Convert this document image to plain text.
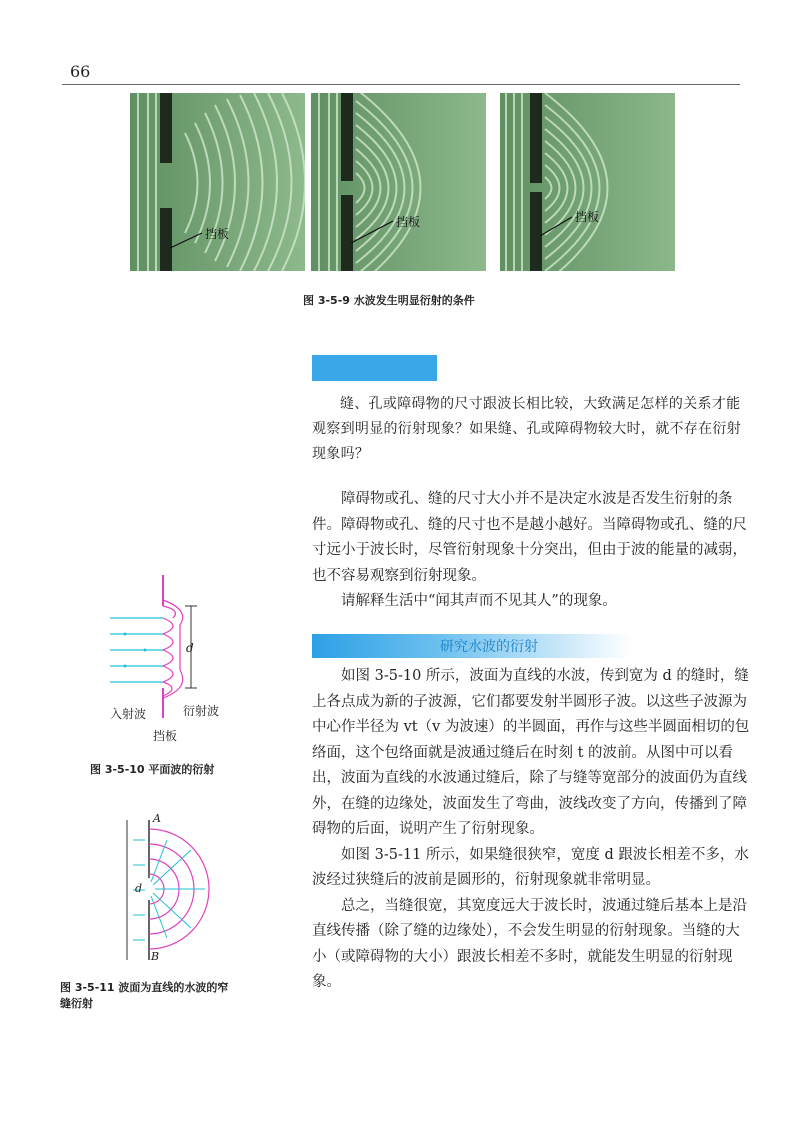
66
挡板
挡板	挡板
图 3-5-9 水波发生明显衍射的条件
缝、孔或障碍物的尺寸跟波长相比较，大致满足怎样的关系才能观察到明显的衍射现象？如果缝、孔或障碍物较大时，就不存在衍射现象吗？
障碍物或孔、缝的尺寸大小并不是决定水波是否发生衍射的条件。障碍物或孔、缝的尺寸也不是越小越好。当障碍物或孔、缝的尺寸远小于波长时，尽管衍射现象十分突出，但由于波的能量的减弱，也不容易观察到衍射现象。
请解释生活中“闻其声而不见其人”的现象。
研究水波的衍射
如图 3-5-10 所示，波面为直线的水波，传到宽为 d 的缝时，缝上各点成为新的子波源，它们都要发射半圆形子波。以这些子波源为中心作半径为 vt（v 为波速）的半圆面，再作与这些半圆面相切的包络面，这个包络面就是波通过缝后在时刻 t 的波前。从图中可以看出，波面为直线的水波通过缝后，除了与缝等宽部分的波面仍为直线外，在缝的边缘处，波面发生了弯曲，波线改变了方向，传播到了障碍物的后面，说明产生了衍射现象。
如图 3-5-11 所示，如果缝很狭窄，宽度 d 跟波长相差不多，水波经过狭缝后的波前是圆形的，衍射现象就非常明显。
总之，当缝很宽，其宽度远大于波长时，波通过缝后基本上是沿直线传播（除了缝的边缘处），不会发生明显的衍射现象。当缝的大小（或障碍物的大小）跟波长相差不多时，就能发生明显的衍射现象。
d
入射波	衍射波
挡板
图 3-5-10 平面波的衍射
A
B
d
图 3-5-11 波面为直线的水波的窄
缝衍射
